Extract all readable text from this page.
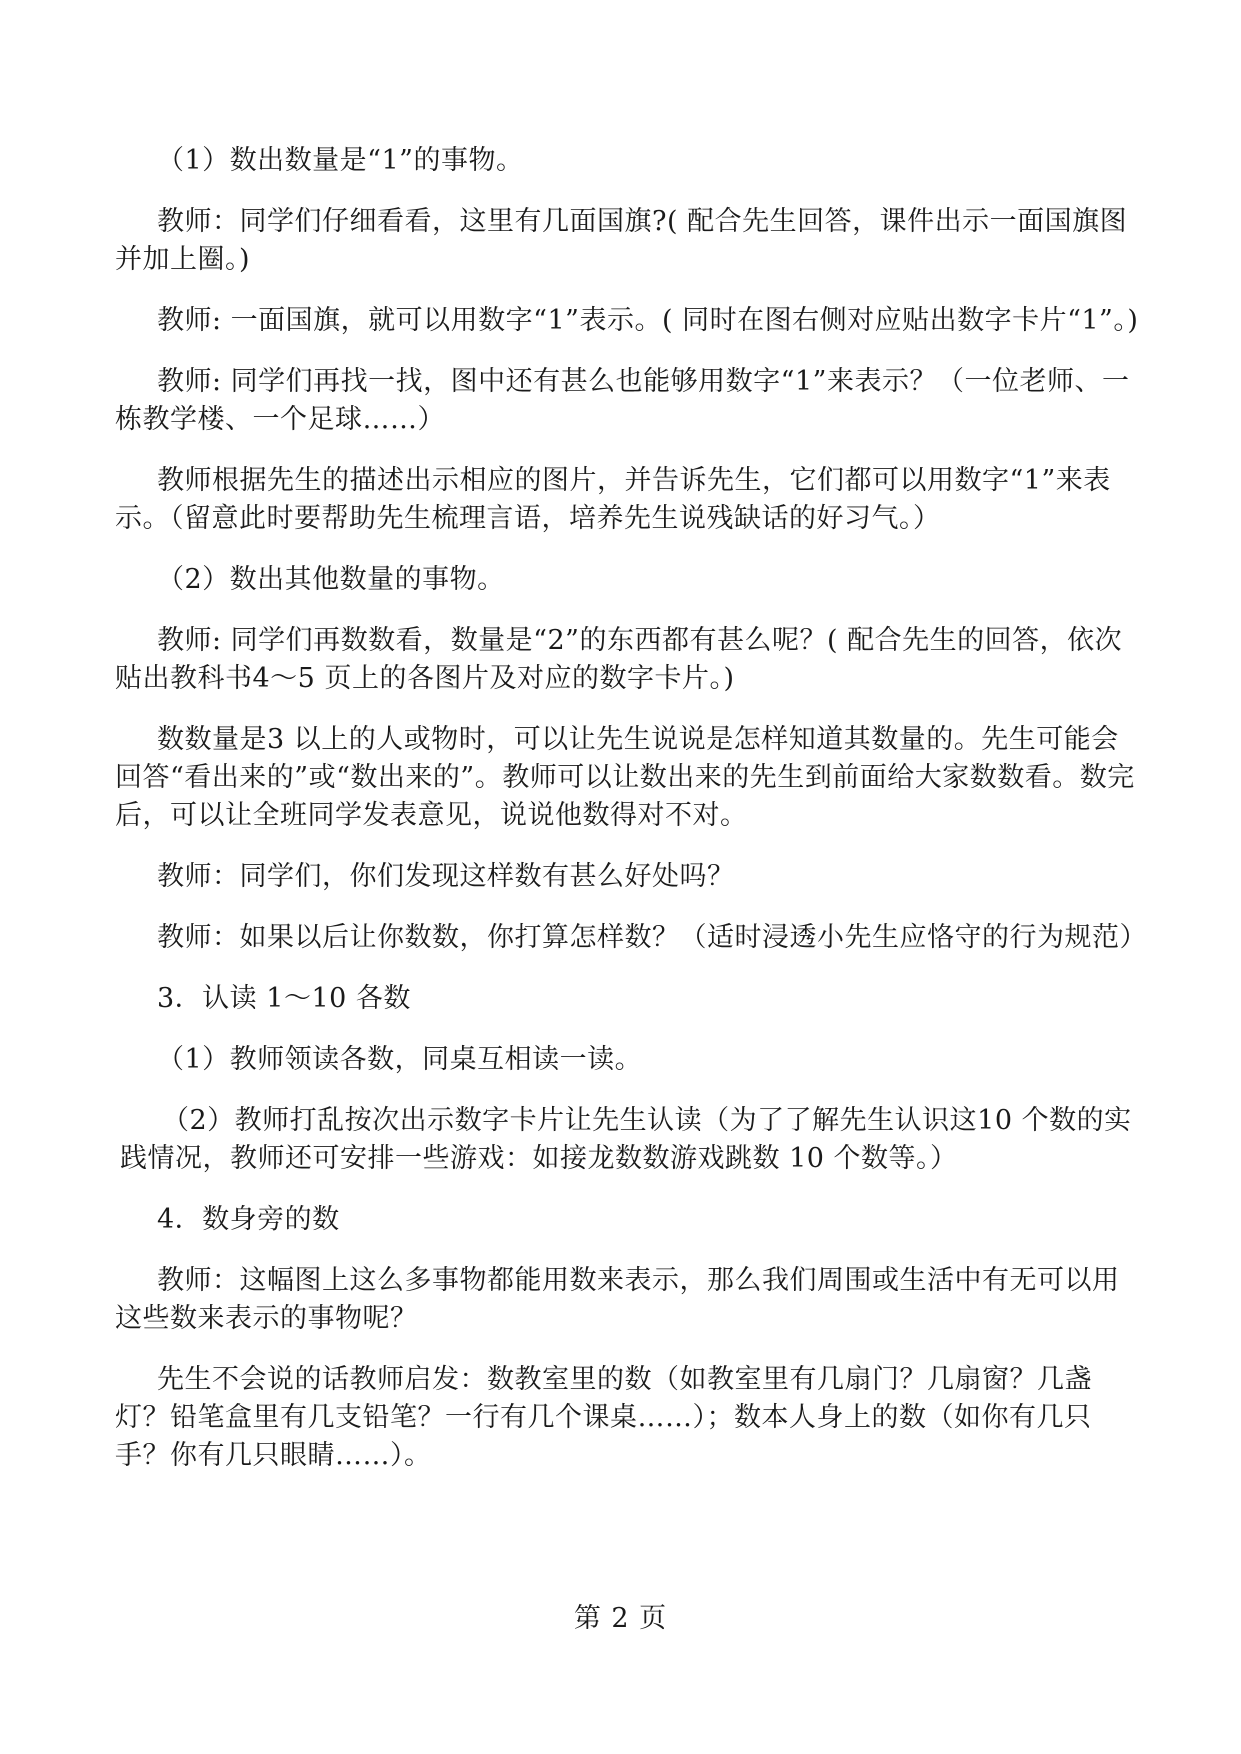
（1）数出数量是“1”的事物。

教师：同学们仔细看看，这里有几面国旗?( 配合先生回答，课件出示一面国旗图并加上圈。)

教师: 一面国旗，就可以用数字“1”表示。( 同时在图右侧对应贴出数字卡片“1”。)

教师: 同学们再找一找，图中还有甚么也能够用数字“1”来表示？（一位老师、一栋教学楼、一个足球……）

教师根据先生的描述出示相应的图片，并告诉先生，它们都可以用数字“1”来表示。（留意此时要帮助先生梳理言语，培养先生说残缺话的好习气。）

（2）数出其他数量的事物。

教师: 同学们再数数看，数量是“2”的东西都有甚么呢？( 配合先生的回答，依次贴出教科书4～5 页上的各图片及对应的数字卡片。)

数数量是3 以上的人或物时，可以让先生说说是怎样知道其数量的。先生可能会回答“看出来的”或“数出来的”。教师可以让数出来的先生到前面给大家数数看。数完后，可以让全班同学发表意见，说说他数得对不对。

教师：同学们，你们发现这样数有甚么好处吗？

教师：如果以后让你数数，你打算怎样数？（适时浸透小先生应恪守的行为规范）

3．认读 1～10 各数

（1）教师领读各数，同桌互相读一读。

（2）教师打乱按次出示数字卡片让先生认读（为了了解先生认识这10 个数的实践情况，教师还可安排一些游戏：如接龙数数游戏跳数 10 个数等。）

4．数身旁的数

教师：这幅图上这么多事物都能用数来表示，那么我们周围或生活中有无可以用这些数来表示的事物呢？

先生不会说的话教师启发：数教室里的数（如教室里有几扇门？几扇窗？几盏灯？铅笔盒里有几支铅笔？一行有几个课桌……）；数本人身上的数（如你有几只手？你有几只眼睛……）。

第 2 页
